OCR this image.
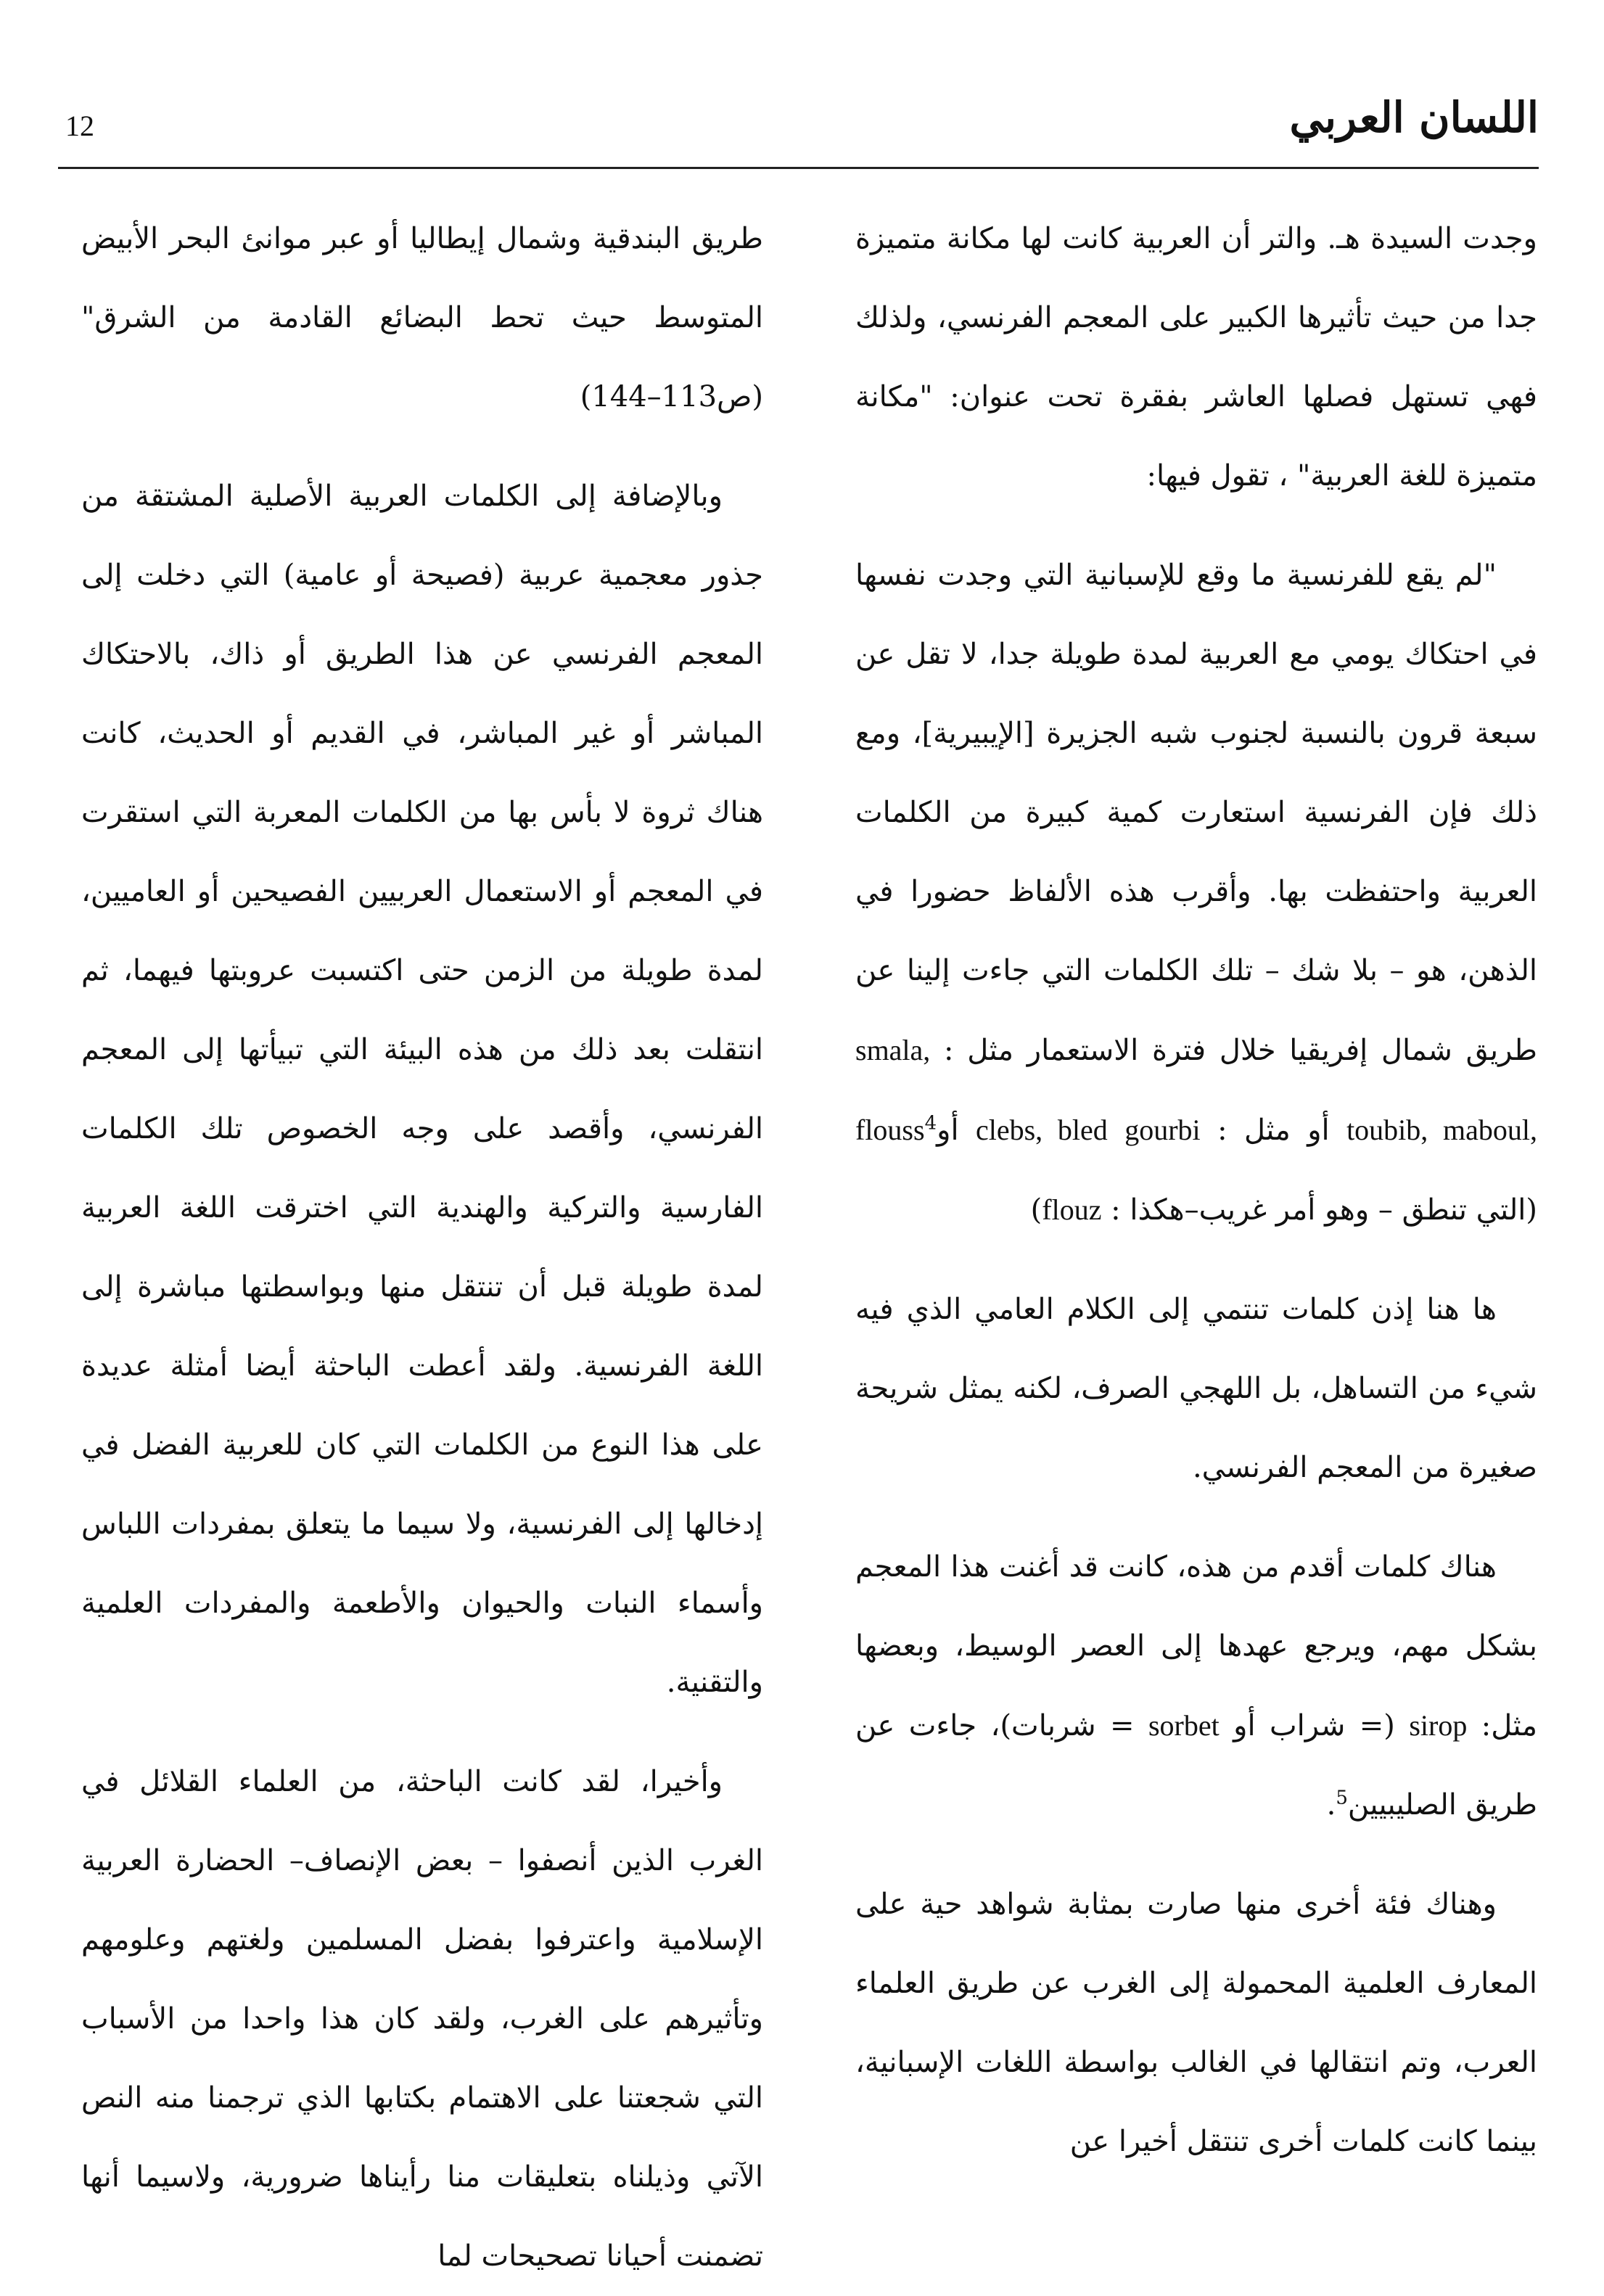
12	اللسان العربي

وجدت السيدة هـ. والتر أن العربية كانت لها مكانة متميزة جدا من حيث تأثيرها الكبير على المعجم الفرنسي، ولذلك فهي تستهل فصلها العاشر بفقرة تحت عنوان: "مكانة متميزة للغة العربية" ، تقول فيها:

"لم يقع للفرنسية ما وقع للإسبانية التي وجدت نفسها في احتكاك يومي مع العربية لمدة طويلة جدا، لا تقل عن سبعة قرون بالنسبة لجنوب شبه الجزيرة [الإيبيرية]، ومع ذلك فإن الفرنسية استعارت كمية كبيرة من الكلمات العربية واحتفظت بها. وأقرب هذه الألفاظ حضورا في الذهن، هو – بلا شك – تلك الكلمات التي جاءت إلينا عن طريق شمال إفريقيا خلال فترة الاستعمار مثل : smala, toubib, maboul, أو مثل : clebs, bled gourbi أوflouss$^4$ (التي تنطق – وهو أمر غريب–هكذا : flouz)

ها هنا إذن كلمات تنتمي إلى الكلام العامي الذي فيه شيء من التساهل، بل اللهجي الصرف، لكنه يمثل شريحة صغيرة من المعجم الفرنسي.

هناك كلمات أقدم من هذه، كانت قد أغنت هذا المعجم بشكل مهم، ويرجع عهدها إلى العصر الوسيط، وبعضها مثل: sirop (= شراب أو sorbet = شربات)، جاءت عن طريق الصليبيين$^5$.

وهناك فئة أخرى منها صارت بمثابة شواهد حية على المعارف العلمية المحمولة إلى الغرب عن طريق العلماء العرب، وتم انتقالها في الغالب بواسطة اللغات الإسبانية، بينما كانت كلمات أخرى تنتقل أخيرا عن

طريق البندقية وشمال إيطاليا أو عبر موانئ البحر الأبيض المتوسط حيث تحط البضائع القادمة من الشرق" (ص113–144)

وبالإضافة إلى الكلمات العربية الأصلية المشتقة من جذور معجمية عربية (فصيحة أو عامية) التي دخلت إلى المعجم الفرنسي عن هذا الطريق أو ذاك، بالاحتكاك المباشر أو غير المباشر، في القديم أو الحديث، كانت هناك ثروة لا بأس بها من الكلمات المعربة التي استقرت في المعجم أو الاستعمال العربيين الفصيحين أو العاميين، لمدة طويلة من الزمن حتى اكتسبت عروبتها فيهما، ثم انتقلت بعد ذلك من هذه البيئة التي تبيأتها إلى المعجم الفرنسي، وأقصد على وجه الخصوص تلك الكلمات الفارسية والتركية والهندية التي اخترقت اللغة العربية لمدة طويلة قبل أن تنتقل منها وبواسطتها مباشرة إلى اللغة الفرنسية. ولقد أعطت الباحثة أيضا أمثلة عديدة على هذا النوع من الكلمات التي كان للعربية الفضل في إدخالها إلى الفرنسية، ولا سيما ما يتعلق بمفردات اللباس وأسماء النبات والحيوان والأطعمة والمفردات العلمية والتقنية.

وأخيرا، لقد كانت الباحثة، من العلماء القلائل في الغرب الذين أنصفوا – بعض الإنصاف– الحضارة العربية الإسلامية واعترفوا بفضل المسلمين ولغتهم وعلومهم وتأثيرهم على الغرب، ولقد كان هذا واحدا من الأسباب التي شجعتنا على الاهتمام بكتابها الذي ترجمنا منه النص الآتي وذيلناه بتعليقات منا رأيناها ضرورية، ولاسيما أنها تضمنت أحيانا تصحيحات لما
